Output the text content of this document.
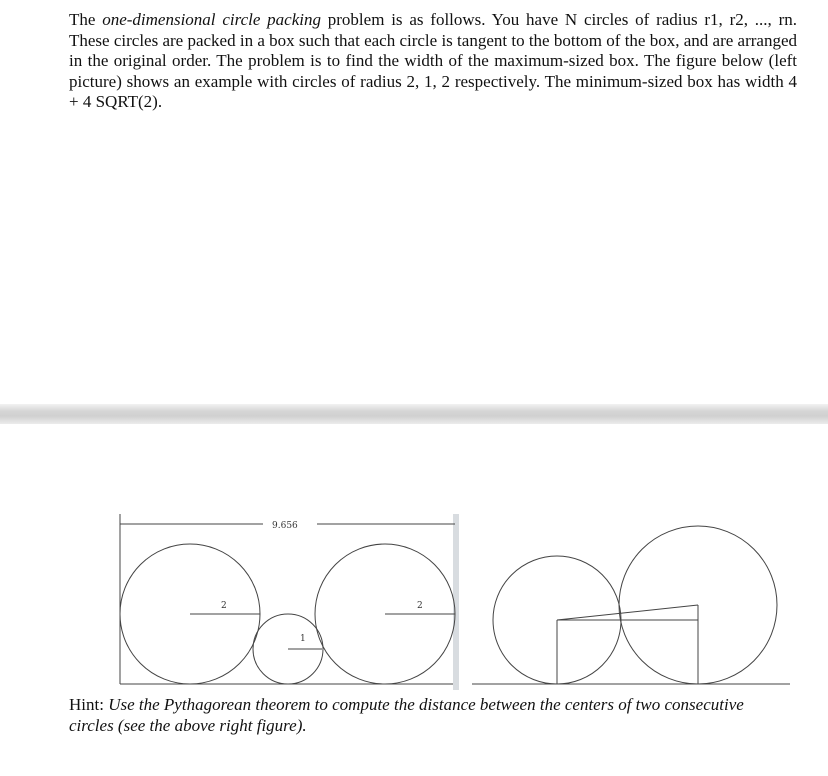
The one-dimensional circle packing problem is as follows. You have N circles of radius r1, r2, ..., rn. These circles are packed in a box such that each circle is tangent to the bottom of the box, and are arranged in the original order. The problem is to find the width of the maximum-sized box. The figure below (left picture) shows an example with circles of radius 2, 1, 2 respectively. The minimum-sized box has width 4 + 4 SQRT(2).

9.656
2
1
2

Hint: Use the Pythagorean theorem to compute the distance between the centers of two consecutive circles (see the above right figure).
